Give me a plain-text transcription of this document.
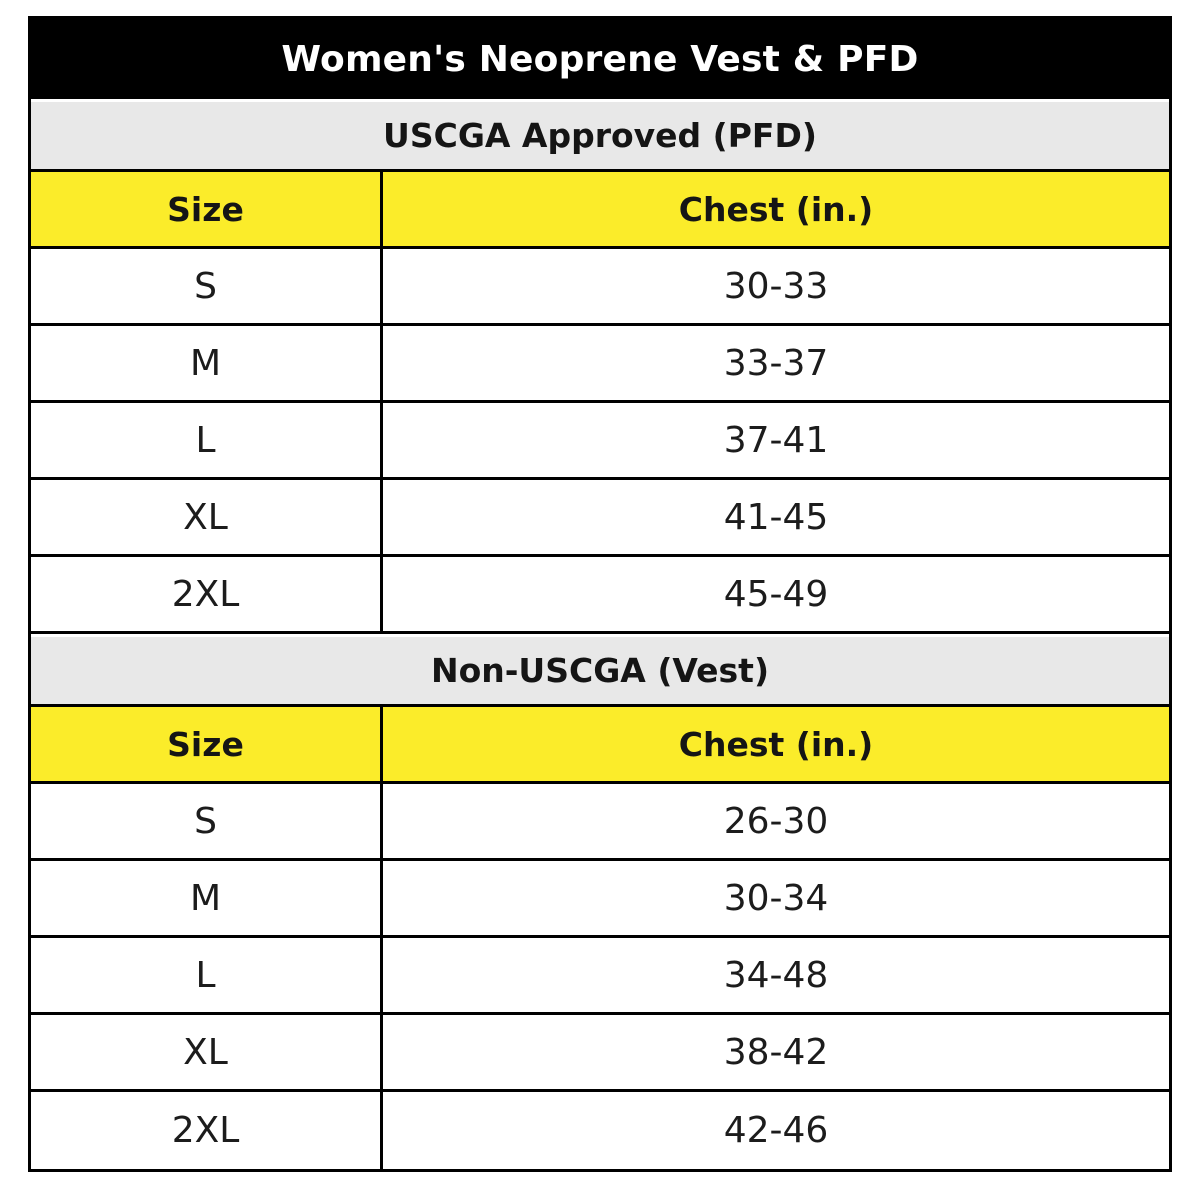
Women's Neoprene Vest & PFD
USCGA Approved (PFD)
Size	Chest (in.)
S	30-33
M	33-37
L	37-41
XL	41-45
2XL	45-49
Non-USCGA (Vest)
Size	Chest (in.)
S	26-30
M	30-34
L	34-48
XL	38-42
2XL	42-46
